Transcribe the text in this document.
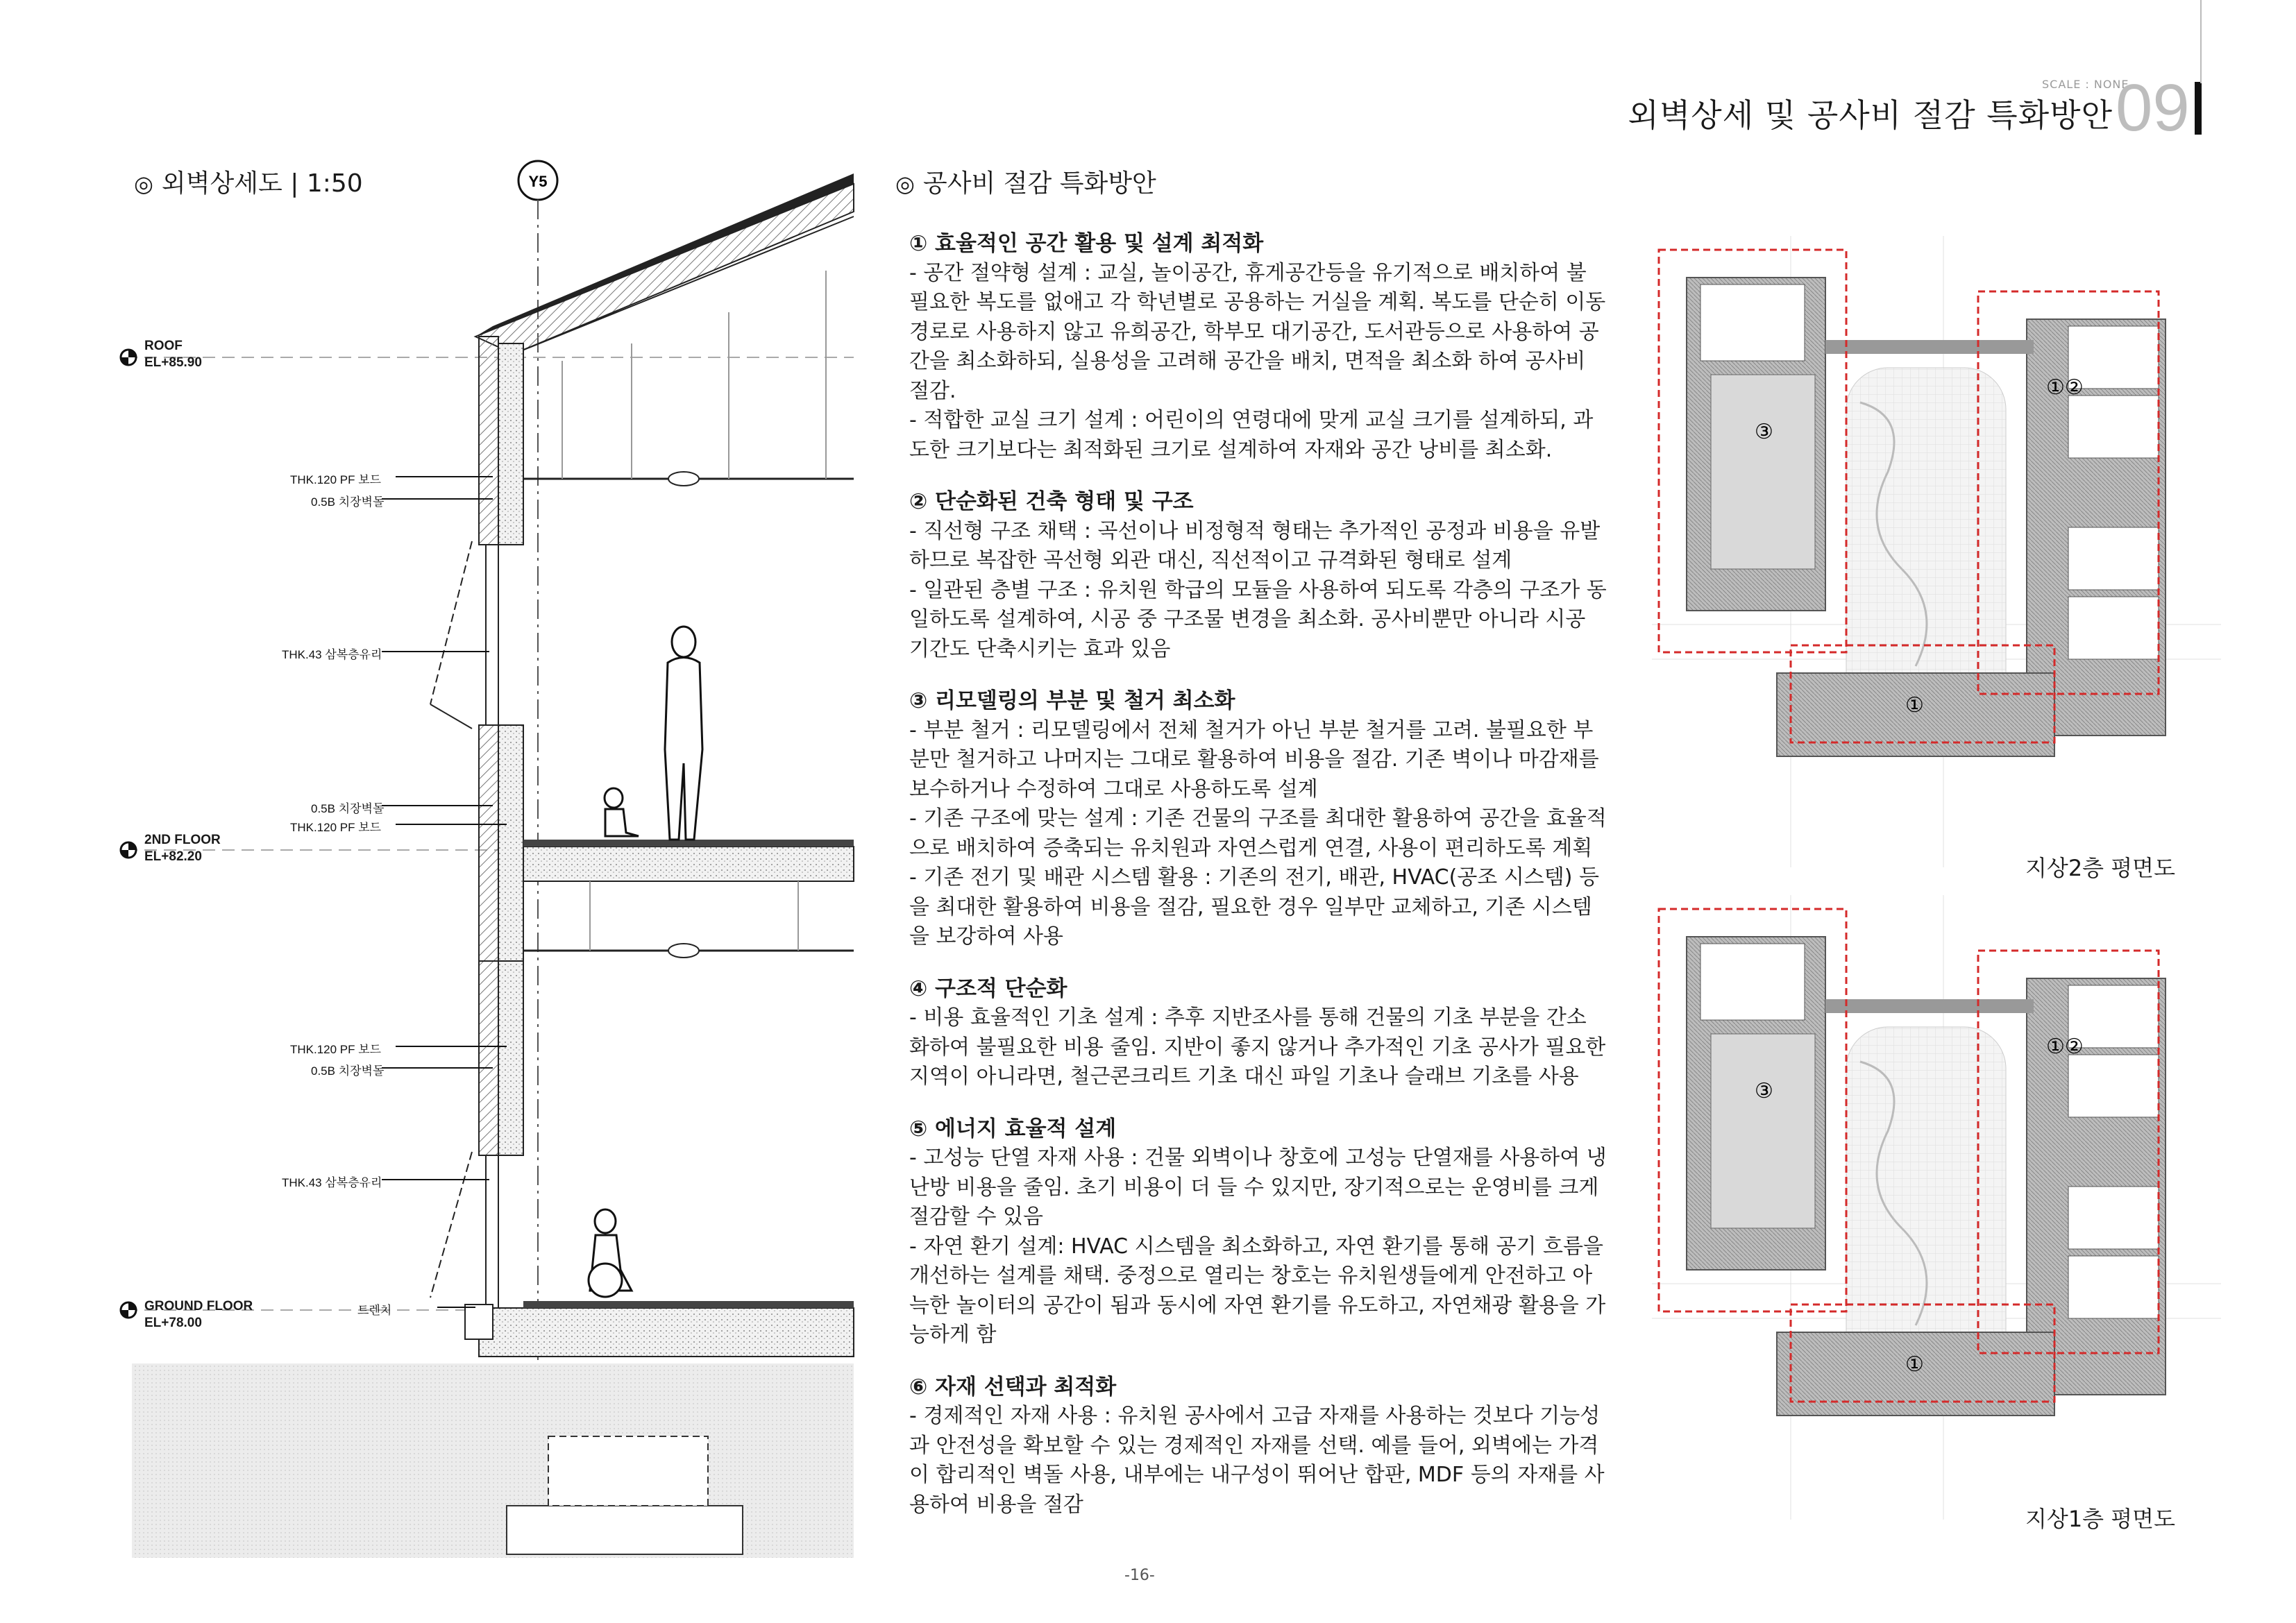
SCALE : NONE
외벽상세 및 공사비 절감 특화방안 09
◎ 외벽상세도 | 1:50	Y5
ROOF
EL+85.90
2ND FLOOR
EL+82.20
GROUND FLOOR
EL+78.00
THK.120 PF 보드
0.5B 치장벽돌
THK.43 삼복층유리
0.5B 치장벽돌
THK.120 PF 보드
THK.120 PF 보드
0.5B 치장벽돌
THK.43 삼복층유리
트렌치
◎ 공사비 절감 특화방안
① 효율적인 공간 활용 및 설계 최적화
- 공간 절약형 설계 : 교실, 놀이공간, 휴게공간등을 유기적으로 배치하여 불
필요한 복도를 없애고 각 학년별로 공용하는 거실을 계획. 복도를 단순히 이동
경로로 사용하지 않고 유희공간, 학부모 대기공간, 도서관등으로 사용하여 공
간을 최소화하되, 실용성을 고려해 공간을 배치, 면적을 최소화 하여 공사비
절감.
- 적합한 교실 크기 설계 : 어린이의 연령대에 맞게 교실 크기를 설계하되, 과
도한 크기보다는 최적화된 크기로 설계하여 자재와 공간 낭비를 최소화.
② 단순화된 건축 형태 및 구조
- 직선형 구조 채택 : 곡선이나 비정형적 형태는 추가적인 공정과 비용을 유발
하므로 복잡한 곡선형 외관 대신, 직선적이고 규격화된 형태로 설계
- 일관된 층별 구조 : 유치원 학급의 모듈을 사용하여 되도록 각층의 구조가 동
일하도록 설계하여, 시공 중 구조물 변경을 최소화. 공사비뿐만 아니라 시공
기간도 단축시키는 효과 있음
③ 리모델링의 부분 및 철거 최소화
- 부분 철거 : 리모델링에서 전체 철거가 아닌 부분 철거를 고려. 불필요한 부
분만 철거하고 나머지는 그대로 활용하여 비용을 절감. 기존 벽이나 마감재를
보수하거나 수정하여 그대로 사용하도록 설계
- 기존 구조에 맞는 설계 : 기존 건물의 구조를 최대한 활용하여 공간을 효율적
으로 배치하여 증축되는 유치원과 자연스럽게 연결, 사용이 편리하도록 계획
- 기존 전기 및 배관 시스템 활용 : 기존의 전기, 배관, HVAC(공조 시스템) 등
을 최대한 활용하여 비용을 절감, 필요한 경우 일부만 교체하고, 기존 시스템
을 보강하여 사용
④ 구조적 단순화
- 비용 효율적인 기초 설계 : 추후 지반조사를 통해 건물의 기초 부분을 간소
화하여 불필요한 비용 줄임. 지반이 좋지 않거나 추가적인 기초 공사가 필요한
지역이 아니라면, 철근콘크리트 기초 대신 파일 기초나 슬래브 기초를 사용
⑤ 에너지 효율적 설계
- 고성능 단열 자재 사용 : 건물 외벽이나 창호에 고성능 단열재를 사용하여 냉
난방 비용을 줄임. 초기 비용이 더 들 수 있지만, 장기적으로는 운영비를 크게
절감할 수 있음
- 자연 환기 설계: HVAC 시스템을 최소화하고, 자연 환기를 통해 공기 흐름을
개선하는 설계를 채택. 중정으로 열리는 창호는 유치원생들에게 안전하고 아
늑한 놀이터의 공간이 됨과 동시에 자연 환기를 유도하고, 자연채광 활용을 가
능하게 함
⑥ 자재 선택과 최적화
- 경제적인 자재 사용 : 유치원 공사에서 고급 자재를 사용하는 것보다 기능성
과 안전성을 확보할 수 있는 경제적인 자재를 선택. 예를 들어, 외벽에는 가격
이 합리적인 벽돌 사용, 내부에는 내구성이 뛰어난 합판, MDF 등의 자재를 사
용하여 비용을 절감
③
①②
①
지상2층 평면도
③
①②
①
지상1층 평면도
-16-
